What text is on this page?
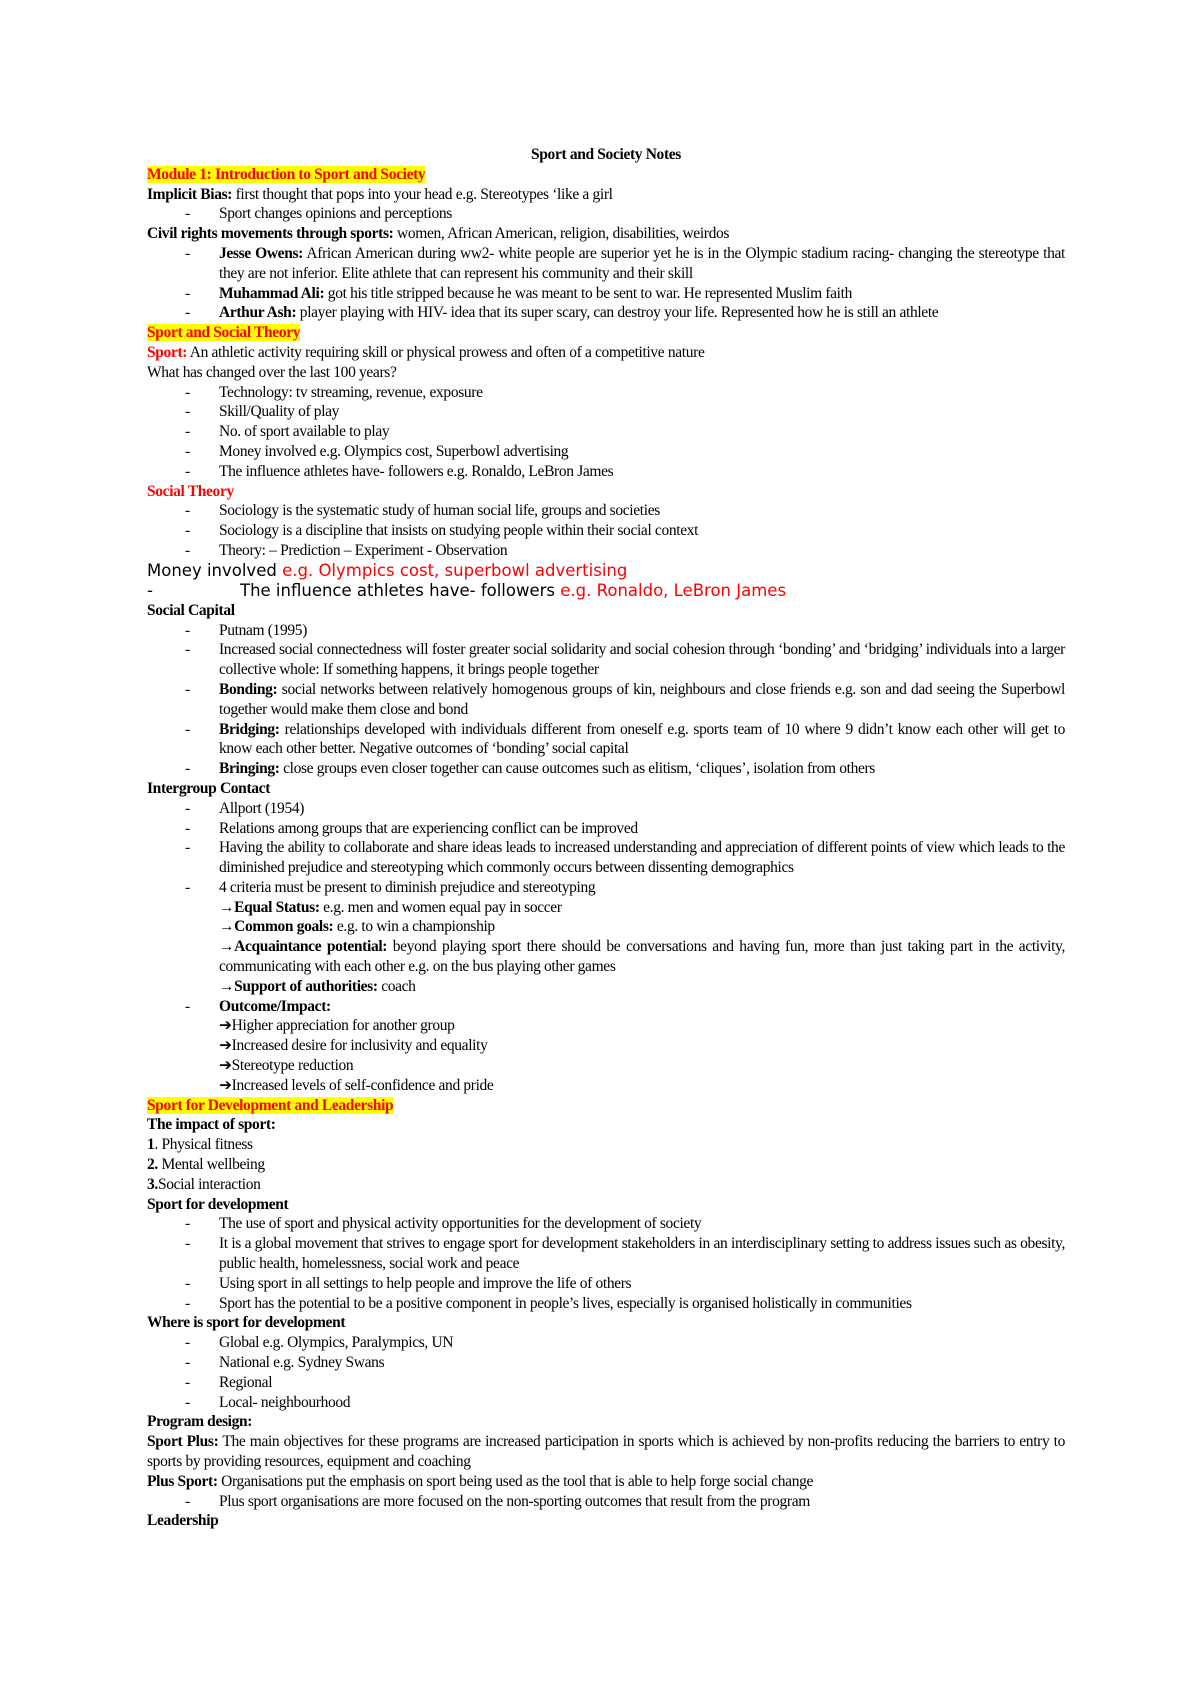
Sport and Society Notes
Module 1: Introduction to Sport and Society
Implicit Bias: first thought that pops into your head e.g. Stereotypes ‘like a girl
- Sport changes opinions and perceptions
Civil rights movements through sports: women, African American, religion, disabilities, weirdos
- Jesse Owens: African American during ww2- white people are superior yet he is in the Olympic stadium racing- changing the stereotype that they are not inferior. Elite athlete that can represent his community and their skill
- Muhammad Ali: got his title stripped because he was meant to be sent to war. He represented Muslim faith
- Arthur Ash: player playing with HIV- idea that its super scary, can destroy your life. Represented how he is still an athlete
Sport and Social Theory
Sport: An athletic activity requiring skill or physical prowess and often of a competitive nature
What has changed over the last 100 years?
- Technology: tv streaming, revenue, exposure
- Skill/Quality of play
- No. of sport available to play
- Money involved e.g. Olympics cost, Superbowl advertising
- The influence athletes have- followers e.g. Ronaldo, LeBron James
Social Theory
- Sociology is the systematic study of human social life, groups and societies
- Sociology is a discipline that insists on studying people within their social context
- Theory: – Prediction – Experiment - Observation
Money involved e.g. Olympics cost, superbowl advertising
-	The influence athletes have- followers e.g. Ronaldo, LeBron James
Social Capital
- Putnam (1995)
- Increased social connectedness will foster greater social solidarity and social cohesion through ‘bonding’ and ‘bridging’ individuals into a larger collective whole: If something happens, it brings people together
- Bonding: social networks between relatively homogenous groups of kin, neighbours and close friends e.g. son and dad seeing the Superbowl together would make them close and bond
- Bridging: relationships developed with individuals different from oneself e.g. sports team of 10 where 9 didn’t know each other will get to know each other better. Negative outcomes of ‘bonding’ social capital
- Bringing: close groups even closer together can cause outcomes such as elitism, ‘cliques’, isolation from others
Intergroup Contact
- Allport (1954)
- Relations among groups that are experiencing conflict can be improved
- Having the ability to collaborate and share ideas leads to increased understanding and appreciation of different points of view which leads to the diminished prejudice and stereotyping which commonly occurs between dissenting demographics
- 4 criteria must be present to diminish prejudice and stereotyping
→Equal Status: e.g. men and women equal pay in soccer
→Common goals: e.g. to win a championship
→Acquaintance potential: beyond playing sport there should be conversations and having fun, more than just taking part in the activity, communicating with each other e.g. on the bus playing other games
→Support of authorities: coach
- Outcome/Impact:
➔Higher appreciation for another group
➔Increased desire for inclusivity and equality
➔Stereotype reduction
➔Increased levels of self-confidence and pride
Sport for Development and Leadership
The impact of sport:
1. Physical fitness
2. Mental wellbeing
3.Social interaction
Sport for development
- The use of sport and physical activity opportunities for the development of society
- It is a global movement that strives to engage sport for development stakeholders in an interdisciplinary setting to address issues such as obesity, public health, homelessness, social work and peace
- Using sport in all settings to help people and improve the life of others
- Sport has the potential to be a positive component in people’s lives, especially is organised holistically in communities
Where is sport for development
- Global e.g. Olympics, Paralympics, UN
- National e.g. Sydney Swans
- Regional
- Local- neighbourhood
Program design:
Sport Plus: The main objectives for these programs are increased participation in sports which is achieved by non-profits reducing the barriers to entry to sports by providing resources, equipment and coaching
Plus Sport: Organisations put the emphasis on sport being used as the tool that is able to help forge social change
- Plus sport organisations are more focused on the non-sporting outcomes that result from the program
Leadership
